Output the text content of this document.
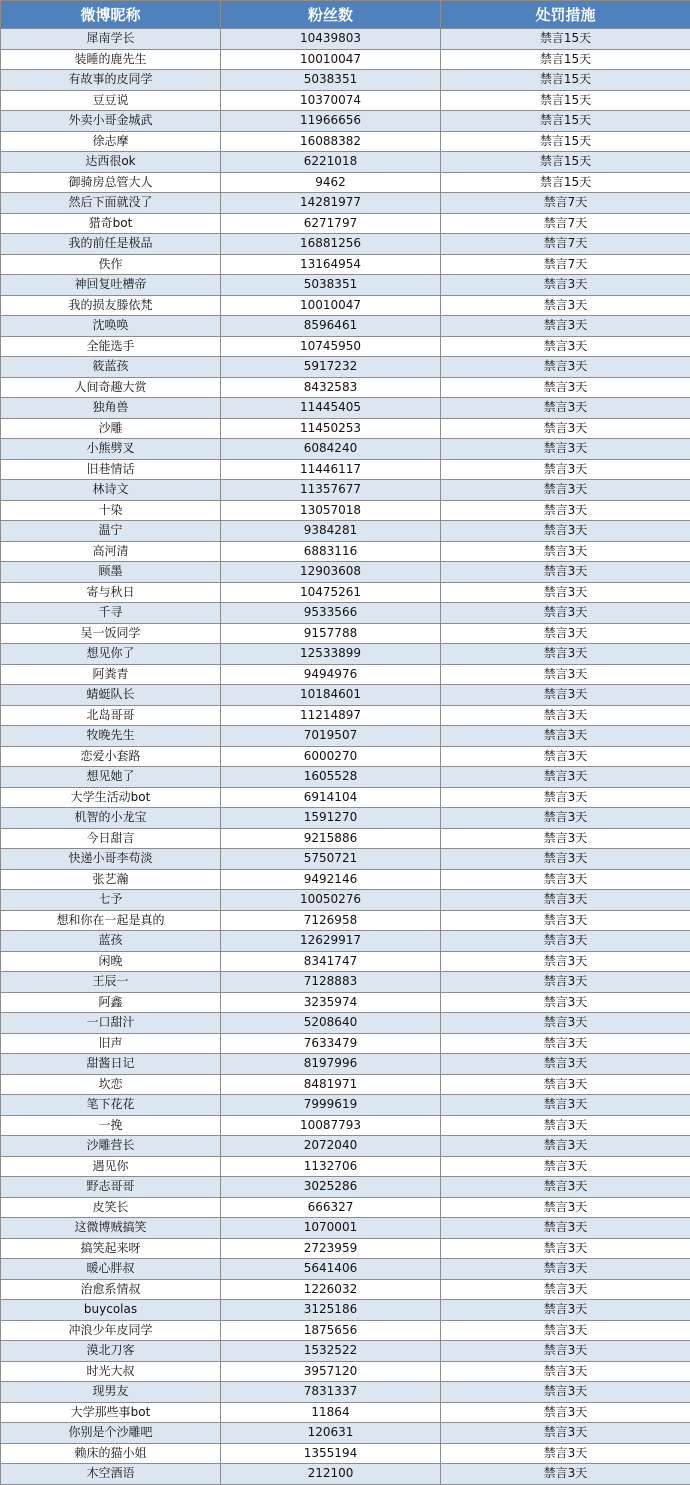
微博昵称	粉丝数	处罚措施
犀南学长	10439803	禁言15天
装睡的鹿先生	10010047	禁言15天
有故事的皮同学	5038351	禁言15天
豆豆说	10370074	禁言15天
外卖小哥金城武	11966656	禁言15天
徐志摩	16088382	禁言15天
达西很ok	6221018	禁言15天
御骑房总管大人	9462	禁言15天
然后下面就没了	14281977	禁言7天
猎奇bot	6271797	禁言7天
我的前任是极品	16881256	禁言7天
佚作	13164954	禁言7天
神回复吐槽帝	5038351	禁言3天
我的损友滕依梵	10010047	禁言3天
沈唤唤	8596461	禁言3天
全能选手	10745950	禁言3天
筱蓝孩	5917232	禁言3天
人间奇趣大赏	8432583	禁言3天
独角兽	11445405	禁言3天
沙雕	11450253	禁言3天
小熊劈叉	6084240	禁言3天
旧巷情话	11446117	禁言3天
林诗文	11357677	禁言3天
十染	13057018	禁言3天
温宁	9384281	禁言3天
高河清	6883116	禁言3天
顾墨	12903608	禁言3天
寄与秋日	10475261	禁言3天
千寻	9533566	禁言3天
吴一饭同学	9157788	禁言3天
想见你了	12533899	禁言3天
阿粪青	9494976	禁言3天
蜻蜓队长	10184601	禁言3天
北岛哥哥	11214897	禁言3天
牧晚先生	7019507	禁言3天
恋爱小套路	6000270	禁言3天
想见她了	1605528	禁言3天
大学生活动bot	6914104	禁言3天
机智的小龙宝	1591270	禁言3天
今日甜言	9215886	禁言3天
快递小哥李苟淡	5750721	禁言3天
张艺瀚	9492146	禁言3天
七予	10050276	禁言3天
想和你在一起是真的	7126958	禁言3天
蓝孩	12629917	禁言3天
闲晚	8341747	禁言3天
王辰一	7128883	禁言3天
阿鑫	3235974	禁言3天
一口甜汁	5208640	禁言3天
旧声	7633479	禁言3天
甜酱日记	8197996	禁言3天
坎恋	8481971	禁言3天
笔下花花	7999619	禁言3天
一挽	10087793	禁言3天
沙雕营长	2072040	禁言3天
遇见你	1132706	禁言3天
野志哥哥	3025286	禁言3天
皮笑长	666327	禁言3天
这微博贼搞笑	1070001	禁言3天
搞笑起来呀	2723959	禁言3天
暖心胖叔	5641406	禁言3天
治愈系情叔	1226032	禁言3天
buycolas	3125186	禁言3天
冲浪少年皮同学	1875656	禁言3天
漠北刀客	1532522	禁言3天
时光大叔	3957120	禁言3天
现男友	7831337	禁言3天
大学那些事bot	11864	禁言3天
你别是个沙雕吧	120631	禁言3天
赖床的猫小姐	1355194	禁言3天
木空酒语	212100	禁言3天
